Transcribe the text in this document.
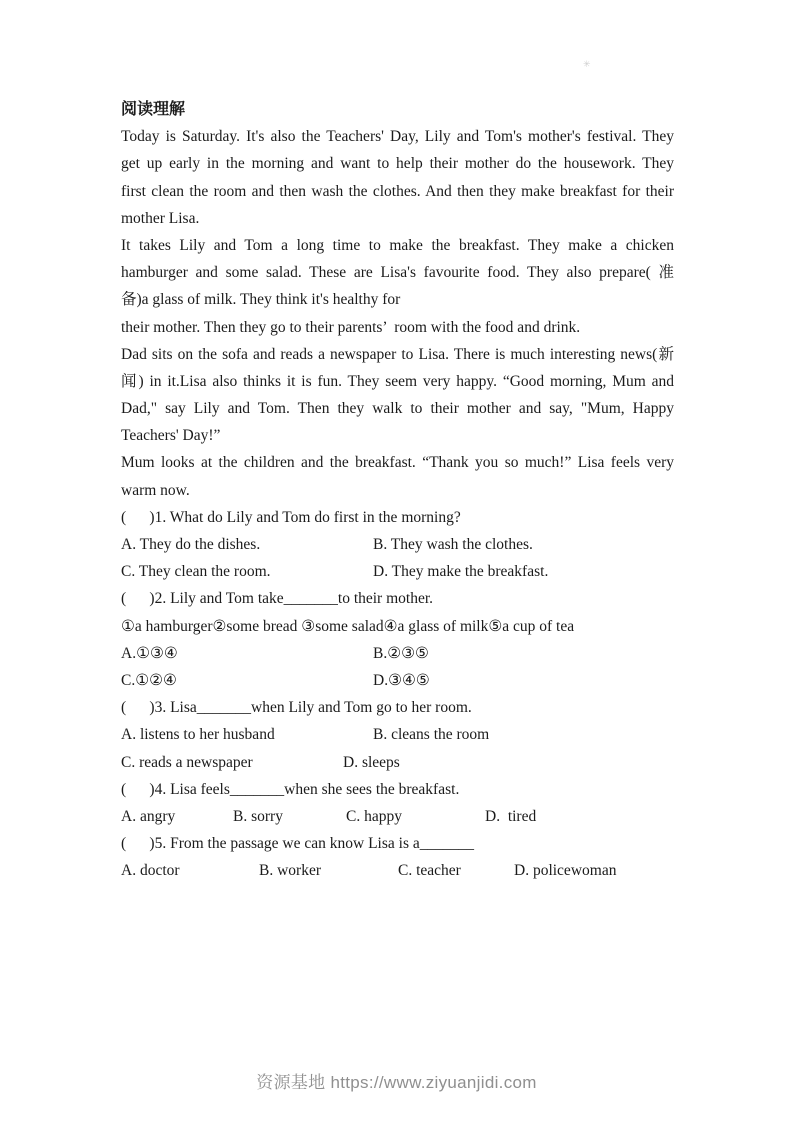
✳
阅读理解
Today is Saturday. It's also the Teachers' Day, Lily and Tom's mother's festival. They
get up early in the morning and want to help their mother do the housework. They
first clean the room and then wash the clothes. And then they make breakfast for their
mother Lisa.
It takes Lily and Tom a long time to make the breakfast. They make a chicken
hamburger and some salad. These are Lisa's favourite food. They also prepare( 准
备)a glass of milk. They think it's healthy for
their mother. Then they go to their parents’  room with the food and drink.
Dad sits on the sofa and reads a newspaper to Lisa. There is much interesting news(新
闻) in it.Lisa also thinks it is fun. They seem very happy. “Good morning, Mum and
Dad," say Lily and Tom. Then they walk to their mother and say, "Mum, Happy
Teachers' Day!”
Mum looks at the children and the breakfast. “Thank you so much!” Lisa feels very
warm now.
(      )1. What do Lily and Tom do first in the morning?
A. They do the dishes.	B. They wash the clothes.
C. They clean the room.	D. They make the breakfast.
(      )2. Lily and Tom take_______to their mother.
①a hamburger②some bread ③some salad④a glass of milk⑤a cup of tea
A.①③④	B.②③⑤
C.①②④	D.③④⑤
(      )3. Lisa_______when Lily and Tom go to her room.
A. listens to her husband	B. cleans the room
C. reads a newspaper	D. sleeps
(      )4. Lisa feels_______when she sees the breakfast.
A. angry	B. sorry	C. happy	D.  tired
(      )5. From the passage we can know Lisa is a_______
A. doctor	B. worker	C. teacher	D. policewoman
资源基地 https://www.ziyuanjidi.com
